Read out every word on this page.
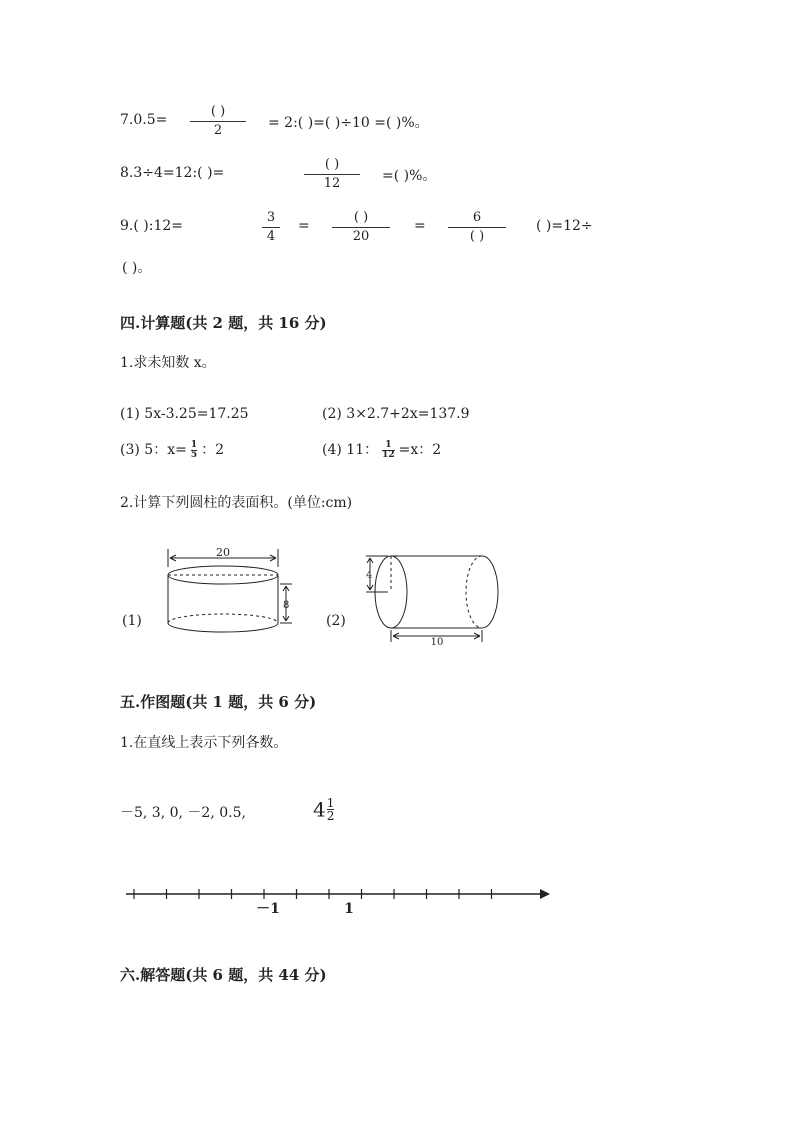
7.0.5=
( )
2	= 2:( )=( )÷10 =( )%。
8.3÷4=12:( )=
( )
12	=( )%。
9.( ):12=
3
4
=
( )
20
=
6
( )
( )=12÷
( )。
四.计算题(共 2 题，共 16 分)
1.求未知数 x。
(1) 5x-3.25=17.25	(2) 3×2.7+2x=137.9
(3) 5：$x= \frac{1}{5}$ ：2	(4) 11： $\frac{1}{12} =x$：2
2.计算下列圆柱的表面积。(单位:cm)
(1)
20
8
(2)
4
10
五.作图题(共 1 题，共 6 分)
1.在直线上表示下列各数。
－5, 3, 0, －2, 0.5,	$4 \frac{1}{2}$
－1	1
六.解答题(共 6 题，共 44 分)
